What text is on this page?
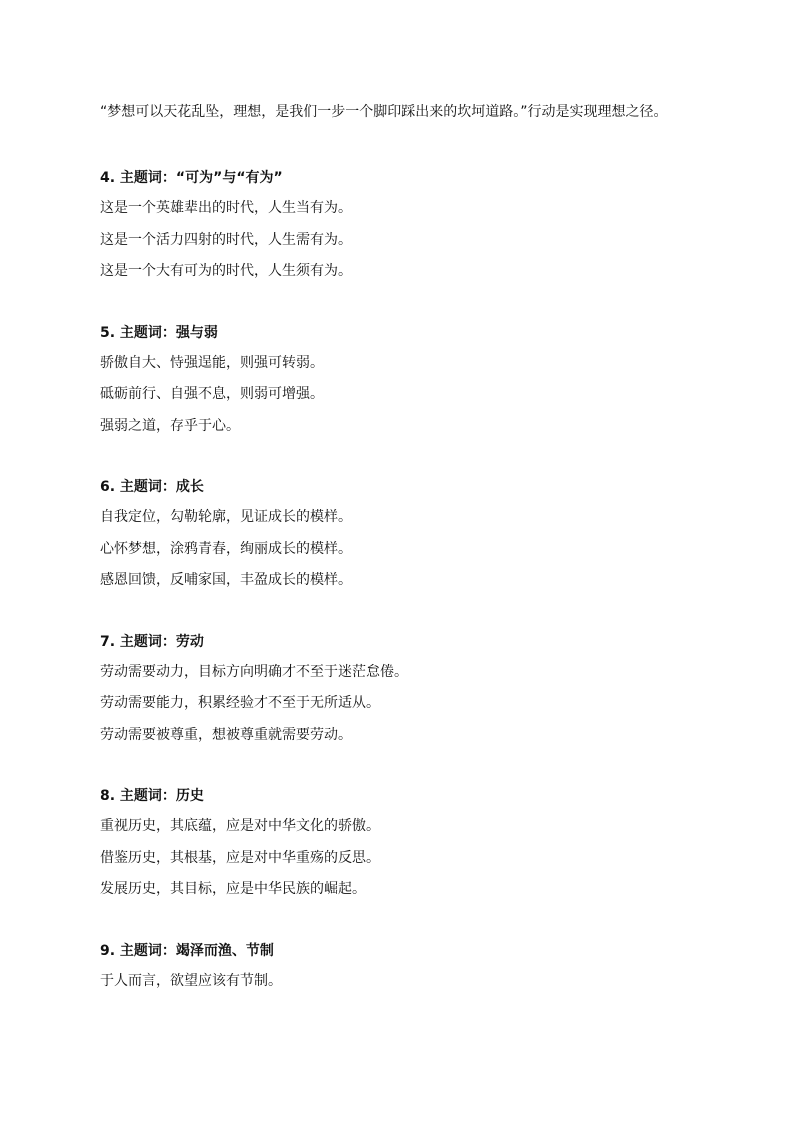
“梦想可以天花乱坠，理想，是我们一步一个脚印踩出来的坎坷道路。”行动是实现理想之径。

4. 主题词：“可为”与“有为”

这是一个英雄辈出的时代，人生当有为。

这是一个活力四射的时代，人生需有为。

这是一个大有可为的时代，人生须有为。

5. 主题词：强与弱

骄傲自大、恃强逞能，则强可转弱。

砥砺前行、自强不息，则弱可增强。

强弱之道，存乎于心。

6. 主题词：成长

自我定位，勾勒轮廓，见证成长的模样。

心怀梦想，涂鸦青春，绚丽成长的模样。

感恩回馈，反哺家国，丰盈成长的模样。

7. 主题词：劳动

劳动需要动力，目标方向明确才不至于迷茫怠倦。

劳动需要能力，积累经验才不至于无所适从。

劳动需要被尊重，想被尊重就需要劳动。

8. 主题词：历史

重视历史，其底蕴，应是对中华文化的骄傲。

借鉴历史，其根基，应是对中华重殇的反思。

发展历史，其目标，应是中华民族的崛起。

9. 主题词：竭泽而渔、节制

于人而言，欲望应该有节制。
